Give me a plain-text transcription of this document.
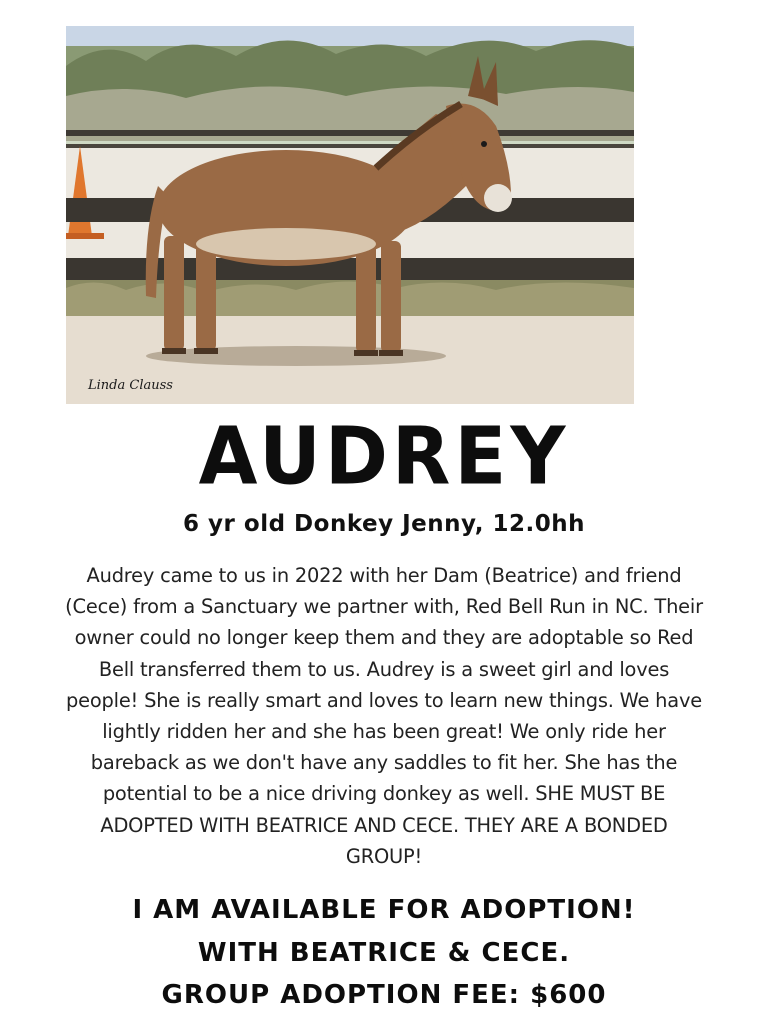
Linda Clauss
AUDREY
6 yr old Donkey Jenny, 12.0hh
Audrey came to us in 2022 with her Dam (Beatrice) and friend (Cece) from a Sanctuary we partner with, Red Bell Run in NC. Their owner could no longer keep them and they are adoptable so Red Bell transferred them to us. Audrey is a sweet girl and loves people! She is really smart and loves to learn new things. We have lightly ridden her and she has been great! We only ride her bareback as we don't have any saddles to fit her. She has the potential to be a nice driving donkey as well. SHE MUST BE ADOPTED WITH BEATRICE AND CECE. THEY ARE A BONDED GROUP!
I AM AVAILABLE FOR ADOPTION!
WITH BEATRICE & CECE.
GROUP ADOPTION FEE: $600
